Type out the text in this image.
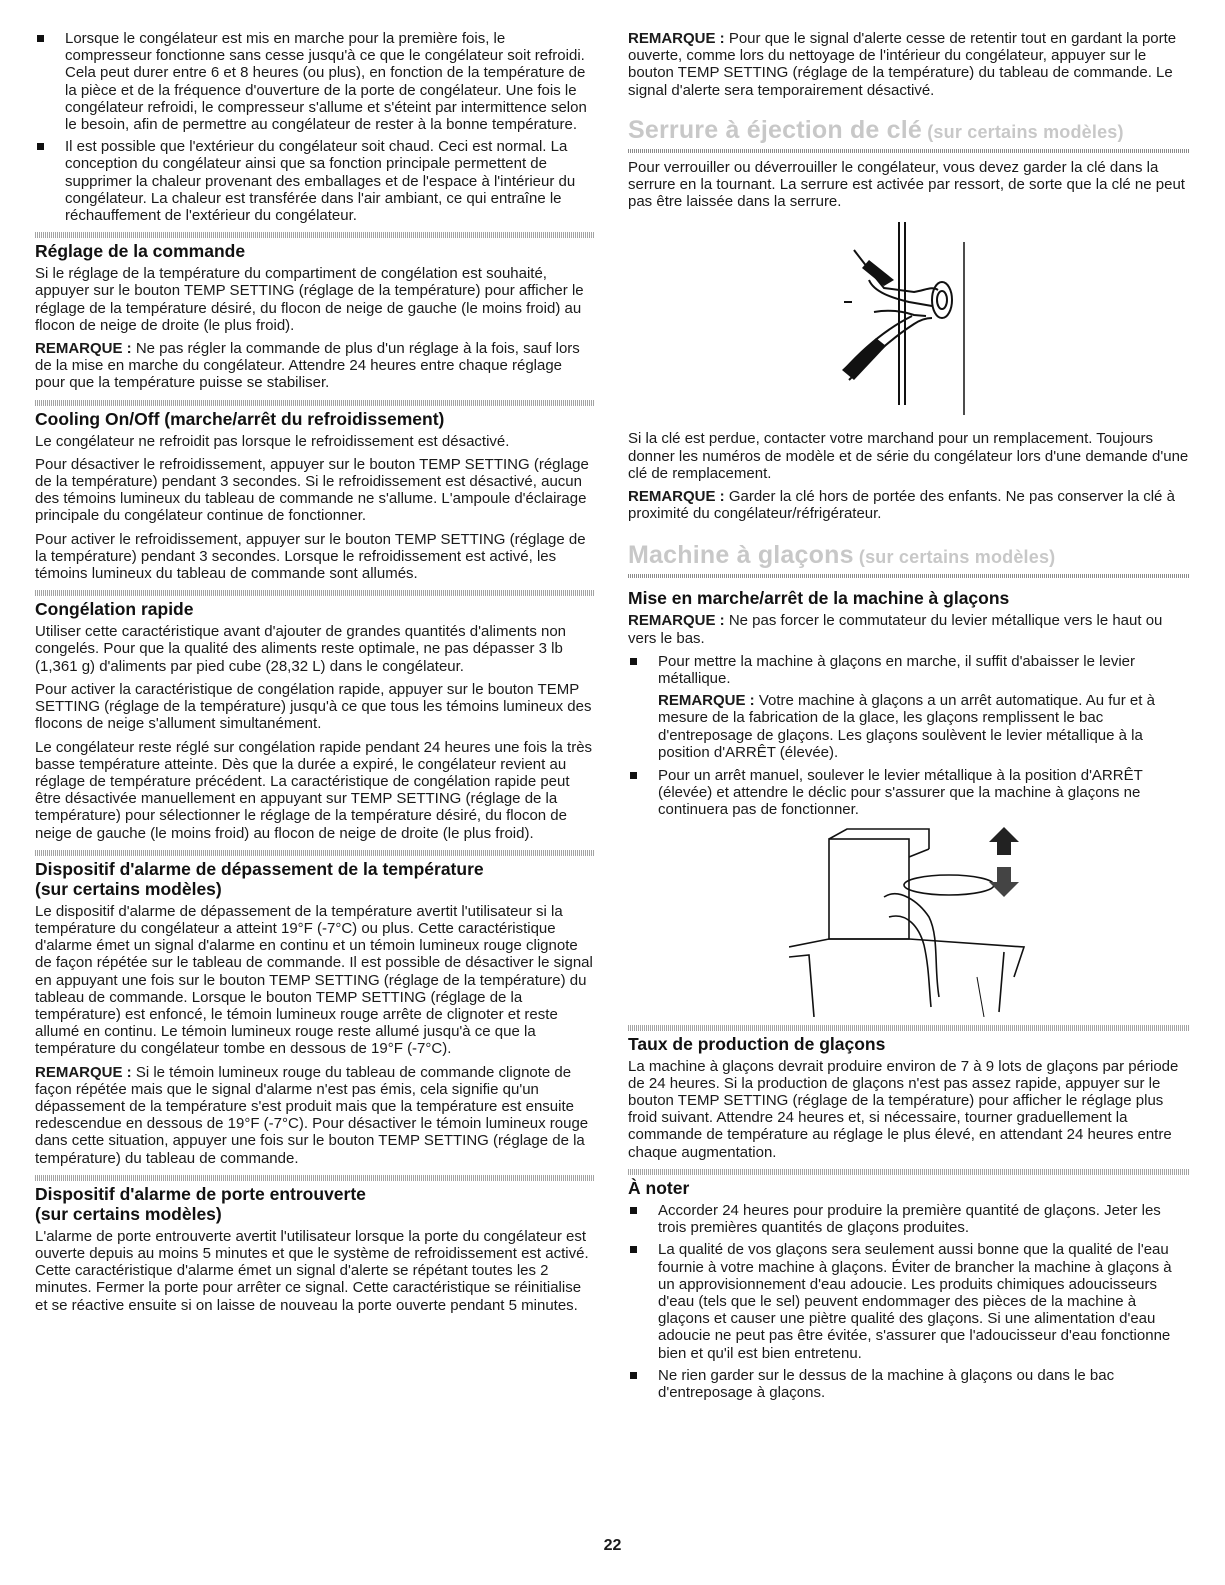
Lorsque le congélateur est mis en marche pour la première fois, le compresseur fonctionne sans cesse jusqu'à ce que le congélateur soit refroidi. Cela peut durer entre 6 et 8 heures (ou plus), en fonction de la température de la pièce et de la fréquence d'ouverture de la porte de congélateur. Une fois le congélateur refroidi, le compresseur s'allume et s'éteint par intermittence selon le besoin, afin de permettre au congélateur de rester à la bonne température.
Il est possible que l'extérieur du congélateur soit chaud. Ceci est normal. La conception du congélateur ainsi que sa fonction principale permettent de supprimer la chaleur provenant des emballages et de l'espace à l'intérieur du congélateur. La chaleur est transférée dans l'air ambiant, ce qui entraîne le réchauffement de l'extérieur du congélateur.
Réglage de la commande

Si le réglage de la température du compartiment de congélation est souhaité, appuyer sur le bouton TEMP SETTING (réglage de la température) pour afficher le réglage de la température désiré, du flocon de neige de gauche (le moins froid) au flocon de neige de droite (le plus froid).

REMARQUE : Ne pas régler la commande de plus d'un réglage à la fois, sauf lors de la mise en marche du congélateur. Attendre 24 heures entre chaque réglage pour que la température puisse se stabiliser.

Cooling On/Off (marche/arrêt du refroidissement)

Le congélateur ne refroidit pas lorsque le refroidissement est désactivé.

Pour désactiver le refroidissement, appuyer sur le bouton TEMP SETTING (réglage de la température) pendant 3 secondes. Si le refroidissement est désactivé, aucun des témoins lumineux du tableau de commande ne s'allume. L'ampoule d'éclairage principale du congélateur continue de fonctionner.

Pour activer le refroidissement, appuyer sur le bouton TEMP SETTING (réglage de la température) pendant 3 secondes. Lorsque le refroidissement est activé, les témoins lumineux du tableau de commande sont allumés.

Congélation rapide

Utiliser cette caractéristique avant d'ajouter de grandes quantités d'aliments non congelés. Pour que la qualité des aliments reste optimale, ne pas dépasser 3 lb (1,361 g) d'aliments par pied cube (28,32 L) dans le congélateur.

Pour activer la caractéristique de congélation rapide, appuyer sur le bouton TEMP SETTING (réglage de la température) jusqu'à ce que tous les témoins lumineux des flocons de neige s'allument simultanément.

Le congélateur reste réglé sur congélation rapide pendant 24 heures une fois la très basse température atteinte. Dès que la durée a expiré, le congélateur revient au réglage de température précédent. La caractéristique de congélation rapide peut être désactivée manuellement en appuyant sur TEMP SETTING (réglage de la température) pour sélectionner le réglage de la température désiré, du flocon de neige de gauche (le moins froid) au flocon de neige de droite (le plus froid).

Dispositif d'alarme de dépassement de la température
(sur certains modèles)

Le dispositif d'alarme de dépassement de la température avertit l'utilisateur si la température du congélateur a atteint 19°F (-7°C) ou plus. Cette caractéristique d'alarme émet un signal d'alarme en continu et un témoin lumineux rouge clignote de façon répétée sur le tableau de commande. Il est possible de désactiver le signal en appuyant une fois sur le bouton TEMP SETTING (réglage de la température) du tableau de commande. Lorsque le bouton TEMP SETTING (réglage de la température) est enfoncé, le témoin lumineux rouge arrête de clignoter et reste allumé en continu. Le témoin lumineux rouge reste allumé jusqu'à ce que la température du congélateur tombe en dessous de 19°F (-7°C).

REMARQUE : Si le témoin lumineux rouge du tableau de commande clignote de façon répétée mais que le signal d'alarme n'est pas émis, cela signifie qu'un dépassement de la température s'est produit mais que la température est ensuite redescendue en dessous de 19°F (-7°C). Pour désactiver le témoin lumineux rouge dans cette situation, appuyer une fois sur le bouton TEMP SETTING (réglage de la température) du tableau de commande.

Dispositif d'alarme de porte entrouverte
(sur certains modèles)

L'alarme de porte entrouverte avertit l'utilisateur lorsque la porte du congélateur est ouverte depuis au moins 5 minutes et que le système de refroidissement est activé. Cette caractéristique d'alarme émet un signal d'alerte se répétant toutes les 2 minutes. Fermer la porte pour arrêter ce signal. Cette caractéristique se réinitialise et se réactive ensuite si on laisse de nouveau la porte ouverte pendant 5 minutes.

REMARQUE : Pour que le signal d'alerte cesse de retentir tout en gardant la porte ouverte, comme lors du nettoyage de l'intérieur du congélateur, appuyer sur le bouton TEMP SETTING (réglage de la température) du tableau de commande. Le signal d'alerte sera temporairement désactivé.

Serrure à éjection de clé (sur certains modèles)

Pour verrouiller ou déverrouiller le congélateur, vous devez garder la clé dans la serrure en la tournant. La serrure est activée par ressort, de sorte que la clé ne peut pas être laissée dans la serrure.

Si la clé est perdue, contacter votre marchand pour un remplacement. Toujours donner les numéros de modèle et de série du congélateur lors d'une demande d'une clé de remplacement.

REMARQUE : Garder la clé hors de portée des enfants. Ne pas conserver la clé à proximité du congélateur/réfrigérateur.

Machine à glaçons (sur certains modèles)
Mise en marche/arrêt de la machine à glaçons

REMARQUE : Ne pas forcer le commutateur du levier métallique vers le haut ou vers le bas.

Pour mettre la machine à glaçons en marche, il suffit d'abaisser le levier métallique.

REMARQUE : Votre machine à glaçons a un arrêt automatique. Au fur et à mesure de la fabrication de la glace, les glaçons remplissent le bac d'entreposage de glaçons. Les glaçons soulèvent le levier métallique à la position d'ARRÊT (élevée).

Pour un arrêt manuel, soulever le levier métallique à la position d'ARRÊT (élevée) et attendre le déclic pour s'assurer que la machine à glaçons ne continuera pas de fonctionner.
Taux de production de glaçons

La machine à glaçons devrait produire environ de 7 à 9 lots de glaçons par période de 24 heures. Si la production de glaçons n'est pas assez rapide, appuyer sur le bouton TEMP SETTING (réglage de la température) pour afficher le réglage plus froid suivant. Attendre 24 heures et, si nécessaire, tourner graduellement la commande de température au réglage le plus élevé, en attendant 24 heures entre chaque augmentation.

À noter
Accorder 24 heures pour produire la première quantité de glaçons. Jeter les trois premières quantités de glaçons produites.
La qualité de vos glaçons sera seulement aussi bonne que la qualité de l'eau fournie à votre machine à glaçons. Éviter de brancher la machine à glaçons à un approvisionnement d'eau adoucie. Les produits chimiques adoucisseurs d'eau (tels que le sel) peuvent endommager des pièces de la machine à glaçons et causer une piètre qualité des glaçons. Si une alimentation d'eau adoucie ne peut pas être évitée, s'assurer que l'adoucisseur d'eau fonctionne bien et qu'il est bien entretenu.
Ne rien garder sur le dessus de la machine à glaçons ou dans le bac d'entreposage à glaçons.
22
